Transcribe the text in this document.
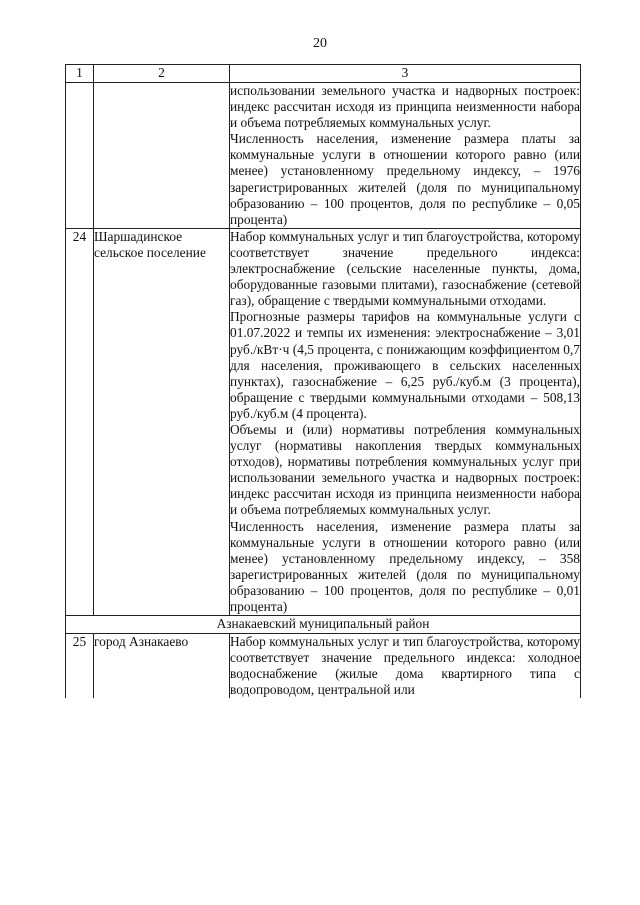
20
1	2	3

		использовании земельного участка и надворных построек: индекс рассчитан исходя из принципа неизменности набора и объема потребляемых коммунальных услуг.

Численность населения, изменение размера платы за коммунальные услуги в отношении которого равно (или менее) установленному предельному индексу, – 1976 зарегистрированных жителей (доля по муниципальному образованию – 100 процентов, доля по республике – 0,05 процента)

24	Шаршадинское сельское поселение	Набор коммунальных услуг и тип благоустройства, которому соответствует значение предельного индекса: электроснабжение (сельские населенные пункты, дома, оборудованные газовыми плитами), газоснабжение (сетевой газ), обращение с твердыми коммунальными отходами.

Прогнозные размеры тарифов на коммунальные услуги с 01.07.2022 и темпы их изменения: электроснабжение – 3,01 руб./кВт·ч (4,5 процента, с понижающим коэффициентом 0,7 для населения, проживающего в сельских населенных пунктах), газоснабжение – 6,25 руб./куб.м (3 процента), обращение с твердыми коммунальными отходами – 508,13 руб./куб.м (4 процента).

Объемы и (или) нормативы потребления коммунальных услуг (нормативы накопления твердых коммунальных отходов), нормативы потребления коммунальных услуг при использовании земельного участка и надворных построек: индекс рассчитан исходя из принципа неизменности набора и объема потребляемых коммунальных услуг.

Численность населения, изменение размера платы за коммунальные услуги в отношении которого равно (или менее) установленному предельному индексу, – 358 зарегистрированных жителей (доля по муниципальному образованию – 100 процентов, доля по республике – 0,01 процента)

Азнакаевский муниципальный район		
25	город Азнакаево	Набор коммунальных услуг и тип благоустройства, которому соответствует значение предельного индекса: холодное водоснабжение (жилые дома квартирного типа с водопроводом, центральной или
